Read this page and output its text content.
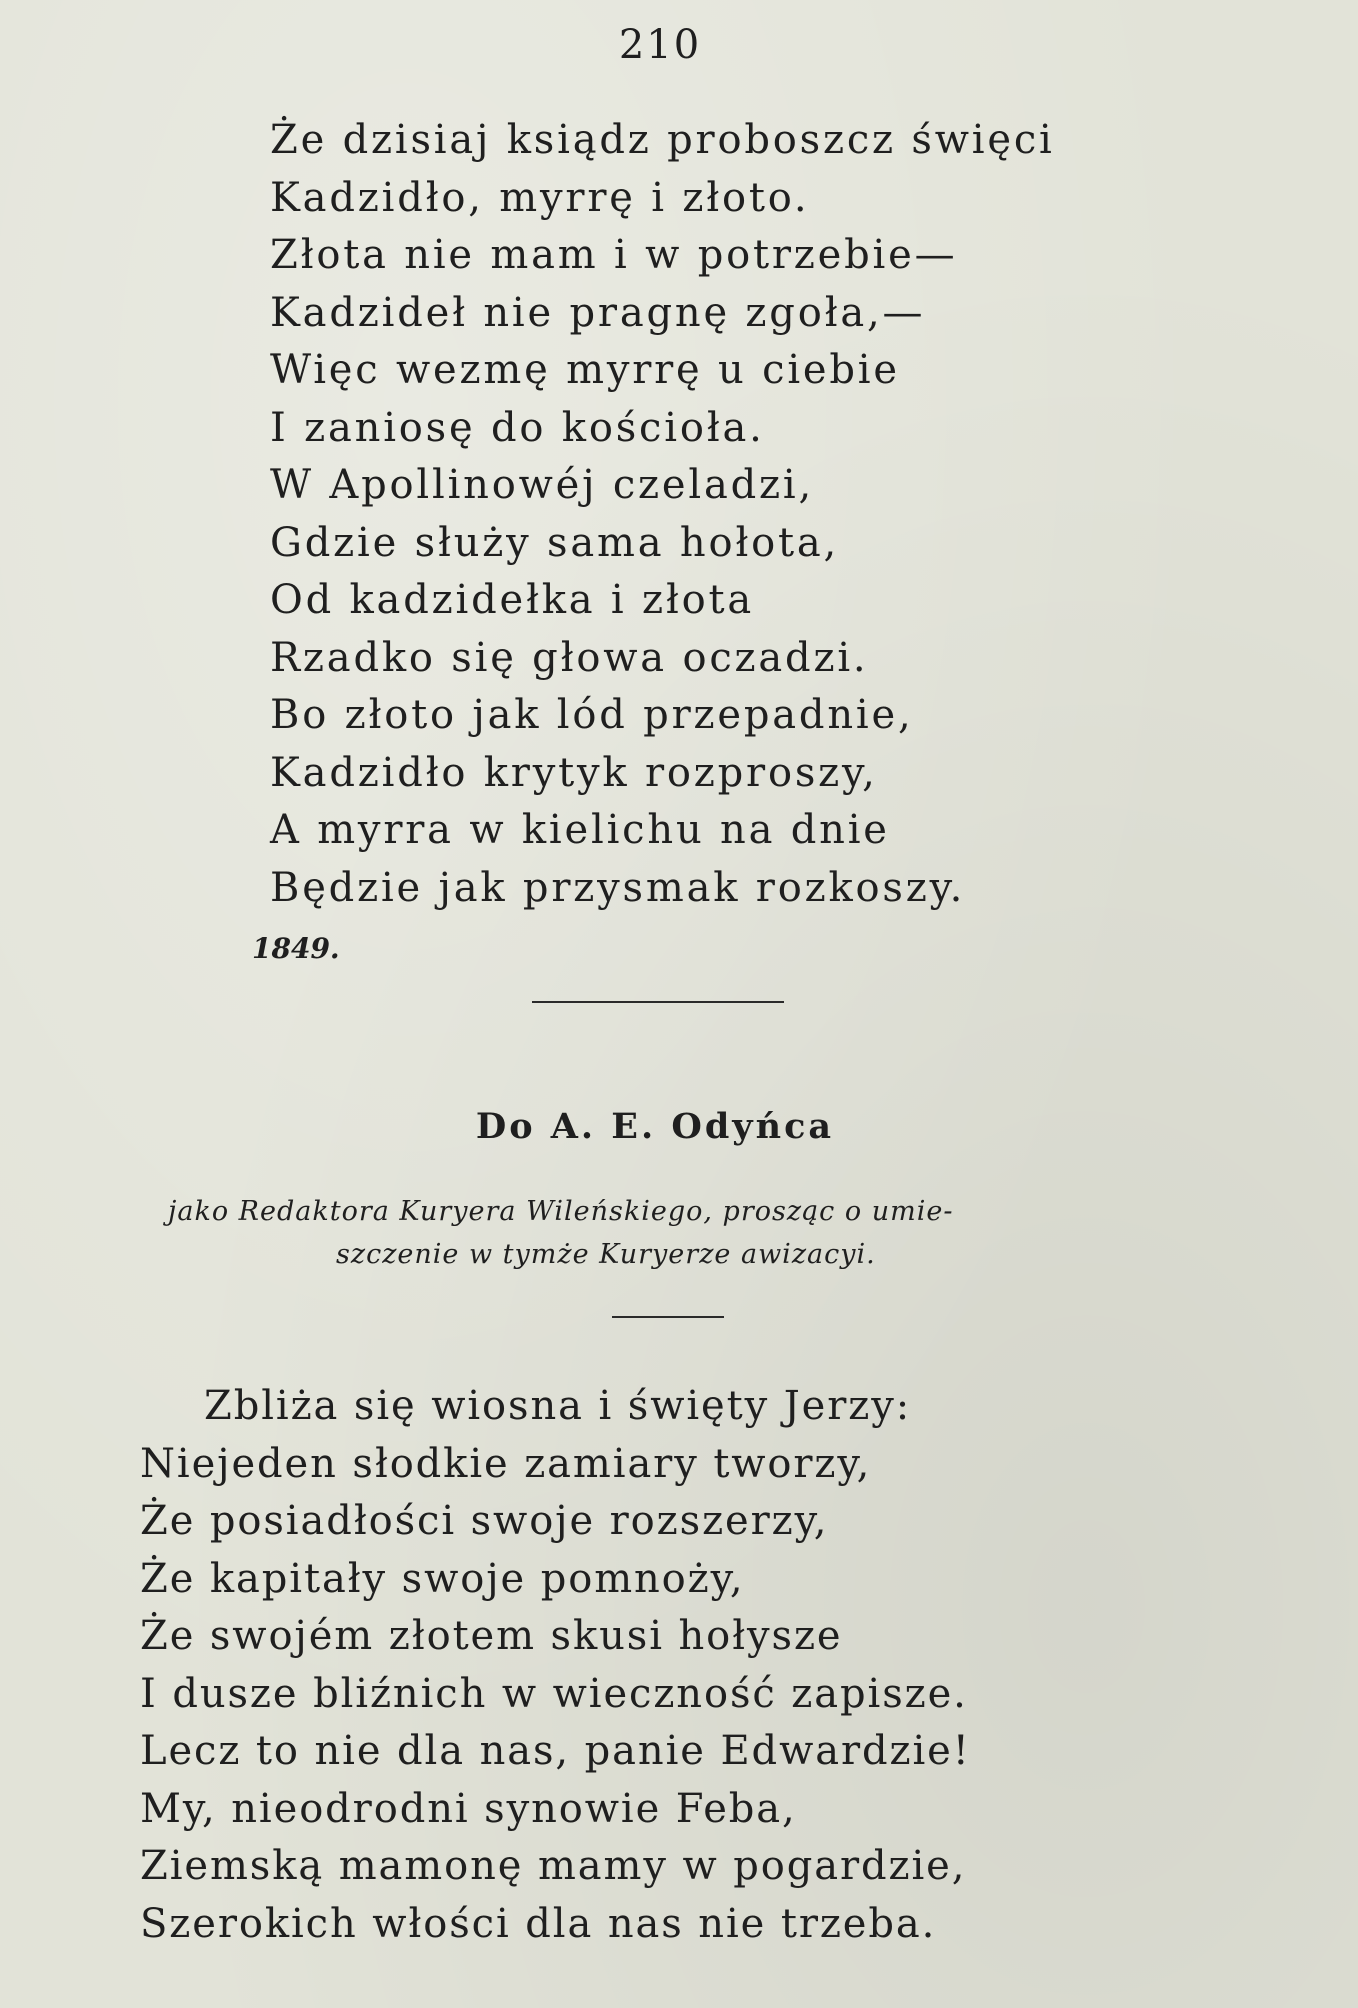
210
Że dzisiaj ksiądz proboszcz święci
Kadzidło, myrrę i złoto.
Złota nie mam i w potrzebie—
Kadzideł nie pragnę zgoła,—
Więc wezmę myrrę u ciebie
I zaniosę do kościoła.
W Apollinowéj czeladzi,
Gdzie służy sama hołota,
Od kadzidełka i złota
Rzadko się głowa oczadzi.
Bo złoto jak lód przepadnie,
Kadzidło krytyk rozproszy,
A myrra w kielichu na dnie
Będzie jak przysmak rozkoszy.
1849.
Do A. E. Odyńca
jako Redaktora Kuryera Wileńskiego, prosząc o umie-
szczenie w tymże Kuryerze awizacyi.
Zbliża się wiosna i święty Jerzy:
Niejeden słodkie zamiary tworzy,
Że posiadłości swoje rozszerzy,
Że kapitały swoje pomnoży,
Że swojém złotem skusi hołysze
I dusze bliźnich w wieczność zapisze.
Lecz to nie dla nas, panie Edwardzie!
My, nieodrodni synowie Feba,
Ziemską mamonę mamy w pogardzie,
Szerokich włości dla nas nie trzeba.
